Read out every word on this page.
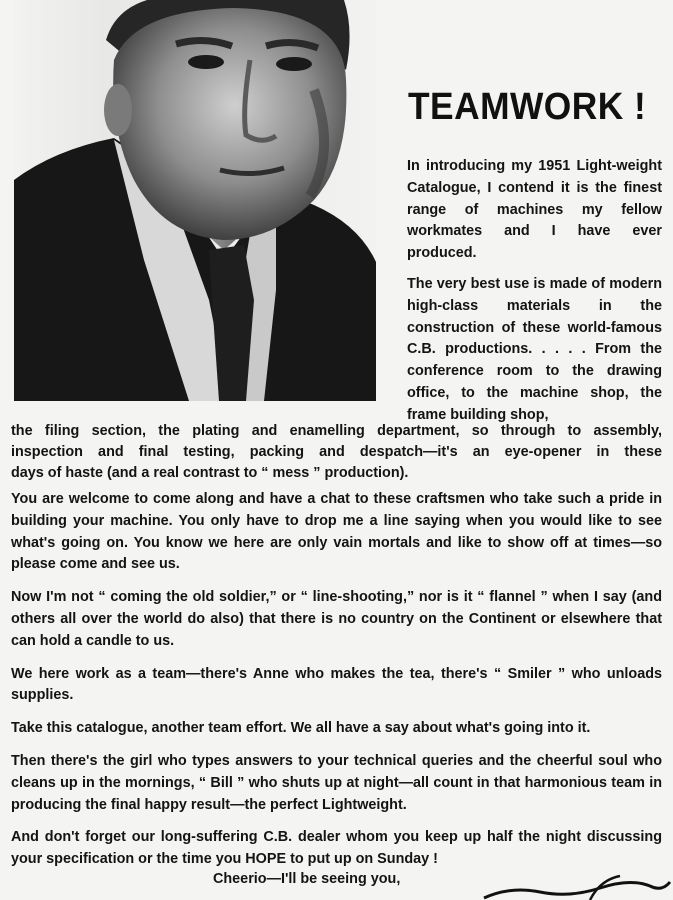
TEAMWORK !

In introducing my 1951 Light-weight Catalogue, I contend it is the finest range of machines my fellow workmates and I have ever produced.

The very best use is made of modern high-class materials in the construction of these world-famous C.B. productions. . . . . From the conference room to the drawing office, to the machine shop, the frame building shop,

the filing section, the plating and enamelling department, so through to assembly,

inspection and final testing, packing and despatch—it's an eye-opener in these

days of haste (and a real contrast to “ mess ” production).

You are welcome to come along and have a chat to these craftsmen who take such a pride in building your machine. You only have to drop me a line saying when you would like to see what's going on. You know we here are only vain mortals and like to show off at times—so please come and see us.

Now I'm not “ coming the old soldier,” or “ line-shooting,” nor is it “ flannel ” when I say (and others all over the world do also) that there is no country on the Continent or elsewhere that can hold a candle to us.

We here work as a team—there's Anne who makes the tea, there's “ Smiler ” who unloads supplies.

Take this catalogue, another team effort. We all have a say about what's going into it.

Then there's the girl who types answers to your technical queries and the cheerful soul who cleans up in the mornings, “ Bill ” who shuts up at night—all count in that harmonious team in producing the final happy result—the perfect Lightweight.

And don't forget our long-suffering C.B. dealer whom you keep up half the night discussing your specification or the time you HOPE to put up on Sunday !

Cheerio—I'll be seeing you,
